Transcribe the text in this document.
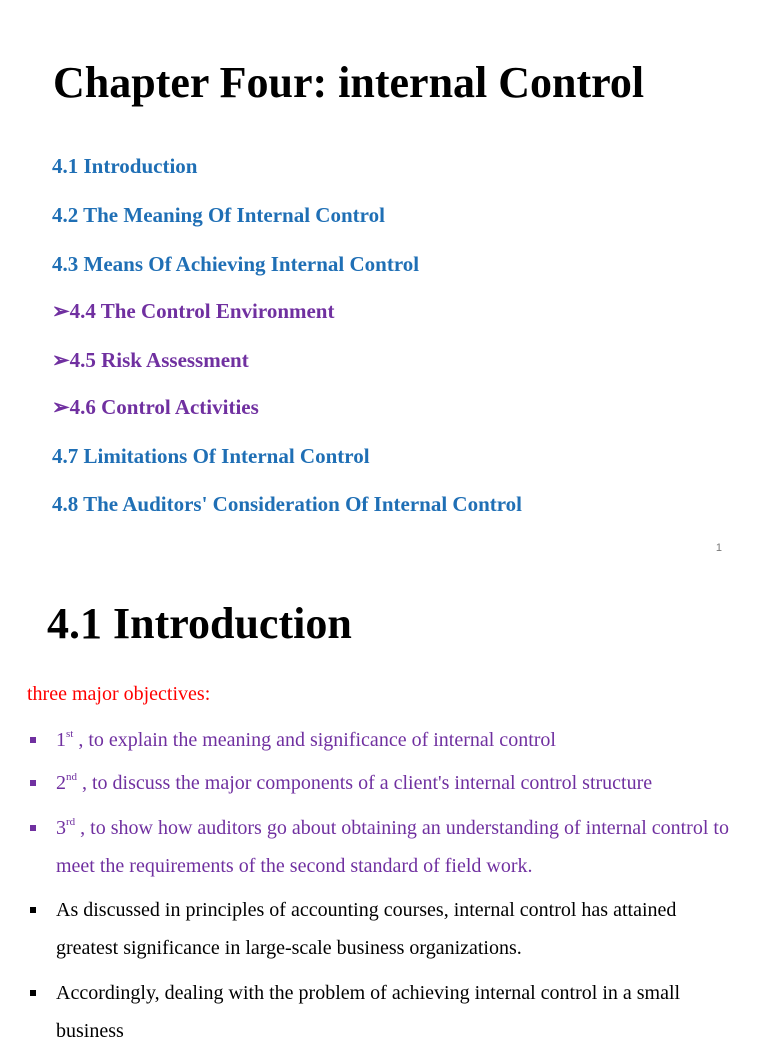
Chapter Four: internal Control
4.1 Introduction
4.2 The Meaning Of Internal Control
4.3 Means Of Achieving Internal Control
➢4.4 The Control Environment
➢4.5 Risk Assessment
➢4.6 Control Activities
4.7 Limitations Of Internal Control
4.8 The Auditors' Consideration Of Internal Control
1
4.1 Introduction

three major objectives:

1st , to explain the meaning and significance of internal control
2nd , to discuss the major components of a client's internal control structure
3rd , to show how auditors go about obtaining an understanding of internal control to meet the requirements of the second standard of field work.
As discussed in principles of accounting courses, internal control has attained greatest significance in large-scale business organizations.
Accordingly, dealing with the problem of achieving internal control in a small business
